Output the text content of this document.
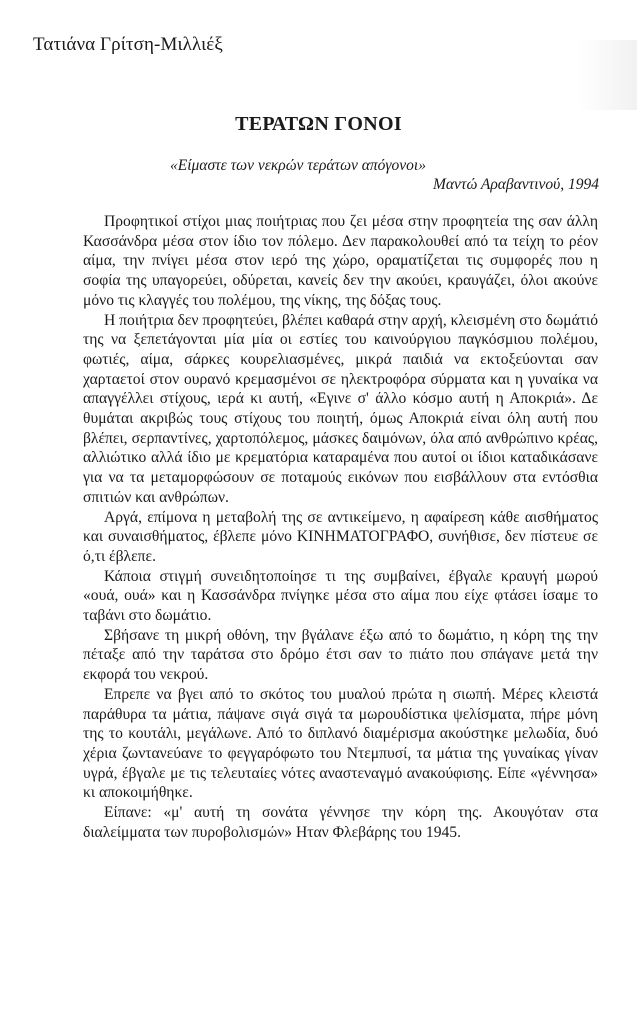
Τατιάνα Γρίτση-Μιλλιέξ
ΤΕΡΑΤΩΝ ΓΟΝΟΙ
«Είμαστε των νεκρών τεράτων απόγονοι»
Μαντώ Αραβαντινού, 1994

Προφητικοί στίχοι μιας ποιήτριας που ζει μέσα στην προφητεία της σαν άλλη Κασσάνδρα μέσα στον ίδιο τον πόλεμο. Δεν παρακολουθεί από τα τείχη το ρέον αίμα, την πνίγει μέσα στον ιερό της χώρο, οραματίζεται τις συμφορές που η σοφία της υπαγορεύει, οδύρεται, κανείς δεν την ακούει, κραυγάζει, όλοι ακούνε μόνο τις κλαγγές του πολέμου, της νίκης, της δόξας τους.

Η ποιήτρια δεν προφητεύει, βλέπει καθαρά στην αρχή, κλεισμένη στο δωμάτιό της να ξεπετάγονται μία μία οι εστίες του καινούργιου παγκόσμιου πολέμου, φωτιές, αίμα, σάρκες κουρελιασμένες, μικρά παιδιά να εκτοξεύονται σαν χαρταετοί στον ουρανό κρεμασμένοι σε ηλεκτροφόρα σύρματα και η γυναίκα να απαγγέλλει στίχους, ιερά κι αυτή, «Εγινε σ' άλλο κόσμο αυτή η Αποκριά». Δε θυμάται ακριβώς τους στίχους του ποιητή, όμως Αποκριά είναι όλη αυτή που βλέπει, σερπαντίνες, χαρτοπόλεμος, μάσκες δαιμόνων, όλα από ανθρώπινο κρέας, αλλιώτικο αλλά ίδιο με κρεματόρια καταραμένα που αυτοί οι ίδιοι καταδικάσανε για να τα μεταμορφώσουν σε ποταμούς εικόνων που εισβάλλουν στα εντόσθια σπιτιών και ανθρώπων.

Αργά, επίμονα η μεταβολή της σε αντικείμενο, η αφαίρεση κάθε αισθήματος και συναισθήματος, έβλεπε μόνο ΚΙΝΗΜΑΤΟΓΡΑΦΟ, συνήθισε, δεν πίστευε σε ό,τι έβλεπε.

Κάποια στιγμή συνειδητοποίησε τι της συμβαίνει, έβγαλε κραυγή μωρού «ουά, ουά» και η Κασσάνδρα πνίγηκε μέσα στο αίμα που είχε φτάσει ίσαμε το ταβάνι στο δωμάτιο.

Σβήσανε τη μικρή οθόνη, την βγάλανε έξω από το δωμάτιο, η κόρη της την πέταξε από την ταράτσα στο δρόμο έτσι σαν το πιάτο που σπάγανε μετά την εκφορά του νεκρού.

Επρεπε να βγει από το σκότος του μυαλού πρώτα η σιωπή. Μέρες κλειστά παράθυρα τα μάτια, πάψανε σιγά σιγά τα μωρουδίστικα ψελίσματα, πήρε μόνη της το κουτάλι, μεγάλωνε. Από το διπλανό διαμέρισμα ακούστηκε μελωδία, δυό χέρια ζωντανεύανε το φεγγαρόφωτο του Ντεμπυσί, τα μάτια της γυναίκας γίναν υγρά, έβγαλε με τις τελευταίες νότες αναστεναγμό ανακούφισης. Είπε «γέννησα» κι αποκοιμήθηκε.

Είπανε: «μ' αυτή τη σονάτα γέννησε την κόρη της. Ακουγόταν στα διαλείμματα των πυροβολισμών» Ηταν Φλεβάρης του 1945.
